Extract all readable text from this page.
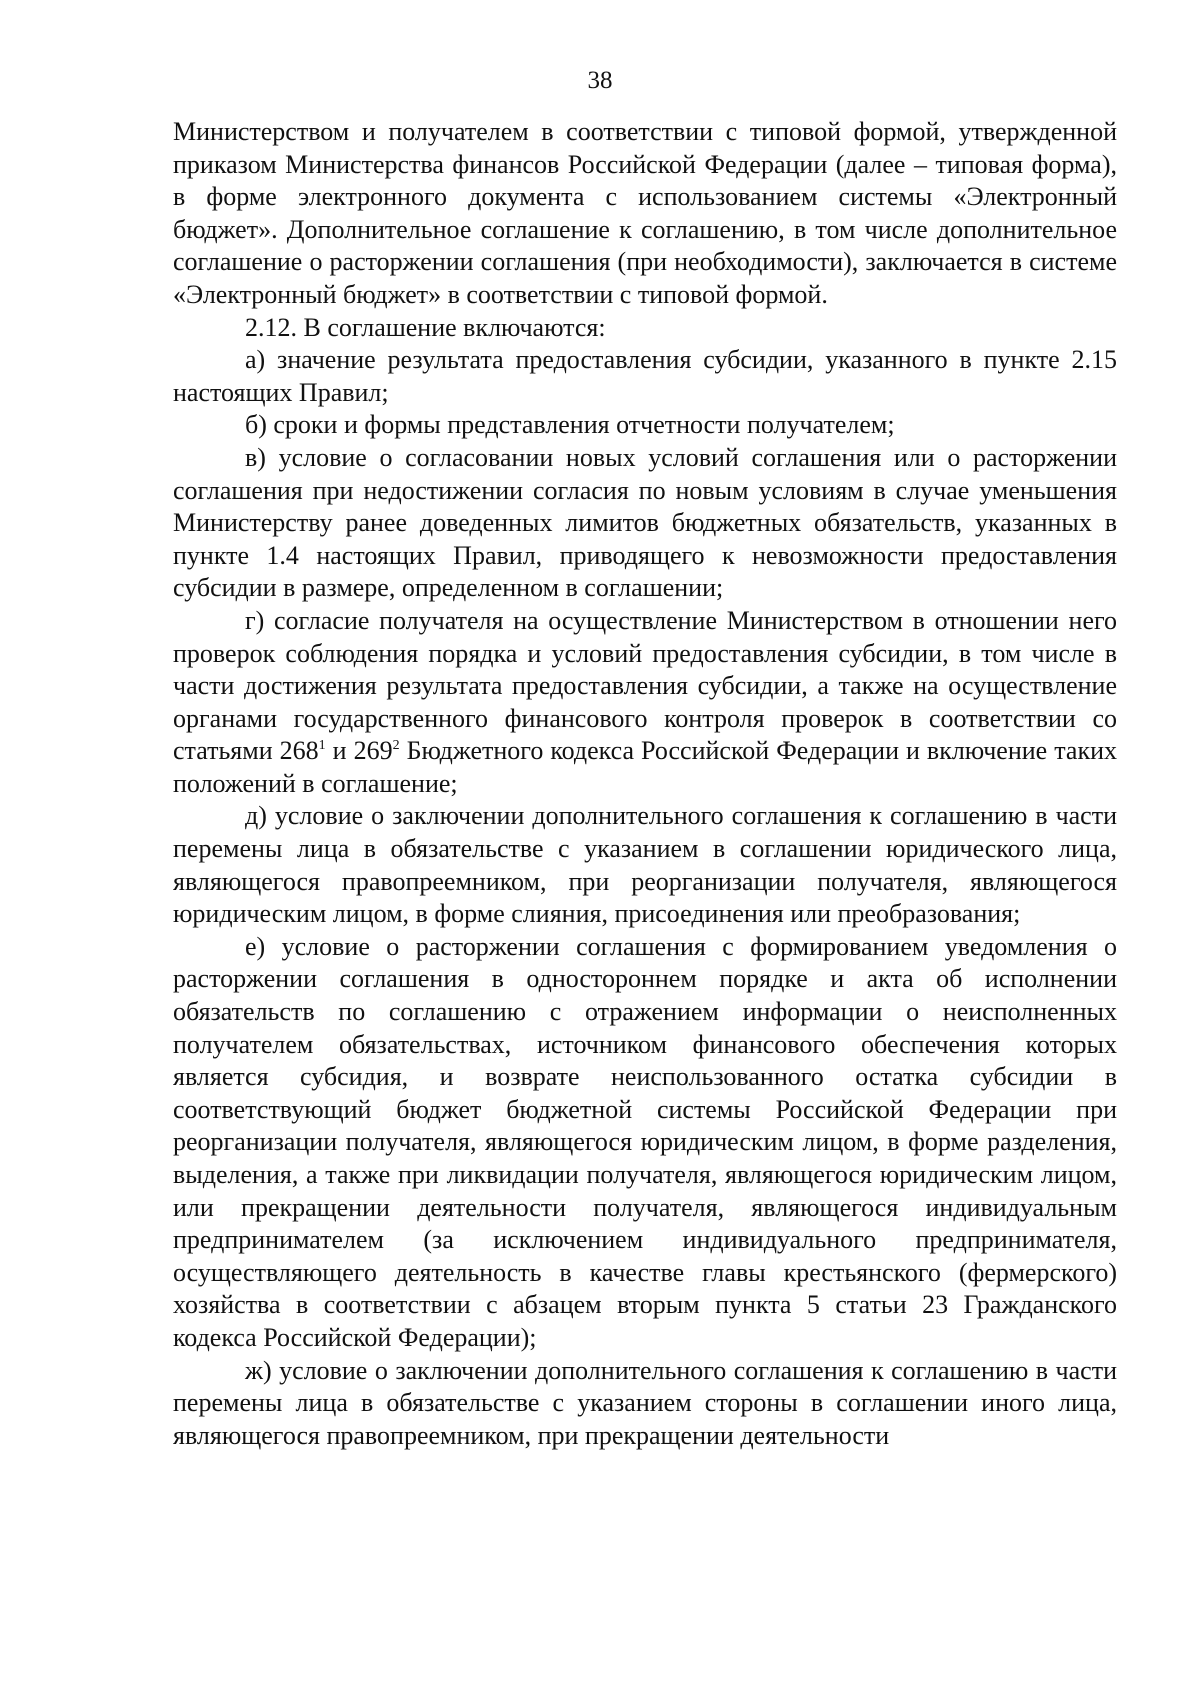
38

Министерством и получателем в соответствии с типовой формой, утвержденной приказом Министерства финансов Российской Федерации (далее – типовая форма), в форме электронного документа с использованием системы «Электронный бюджет». Дополнительное соглашение к соглашению, в том числе дополнительное соглашение о расторжении соглашения (при необходимости), заключается в системе «Электронный бюджет» в соответствии с типовой формой.

2.12. В соглашение включаются:

а) значение результата предоставления субсидии, указанного в пункте 2.15 настоящих Правил;

б) сроки и формы представления отчетности получателем;

в) условие о согласовании новых условий соглашения или о расторжении соглашения при недостижении согласия по новым условиям в случае уменьшения Министерству ранее доведенных лимитов бюджетных обязательств, указанных в пункте 1.4 настоящих Правил, приводящего к невозможности предоставления субсидии в размере, определенном в соглашении;

г) согласие получателя на осуществление Министерством в отношении него проверок соблюдения порядка и условий предоставления субсидии, в том числе в части достижения результата предоставления субсидии, а также на осуществление органами государственного финансового контроля проверок в соответствии со статьями $268^1$ и $269^2$ Бюджетного кодекса Российской Федерации и включение таких положений в соглашение;

д) условие о заключении дополнительного соглашения к соглашению в части перемены лица в обязательстве с указанием в соглашении юридического лица, являющегося правопреемником, при реорганизации получателя, являющегося юридическим лицом, в форме слияния, присоединения или преобразования;

е) условие о расторжении соглашения с формированием уведомления о расторжении соглашения в одностороннем порядке и акта об исполнении обязательств по соглашению с отражением информации о неисполненных получателем обязательствах, источником финансового обеспечения которых является субсидия, и возврате неиспользованного остатка субсидии в соответствующий бюджет бюджетной системы Российской Федерации при реорганизации получателя, являющегося юридическим лицом, в форме разделения, выделения, а также при ликвидации получателя, являющегося юридическим лицом, или прекращении деятельности получателя, являющегося индивидуальным предпринимателем (за исключением индивидуального предпринимателя, осуществляющего деятельность в качестве главы крестьянского (фермерского) хозяйства в соответствии с абзацем вторым пункта 5 статьи 23 Гражданского кодекса Российской Федерации);

ж) условие о заключении дополнительного соглашения к соглашению в части перемены лица в обязательстве с указанием стороны в соглашении иного лица, являющегося правопреемником, при прекращении деятельности
